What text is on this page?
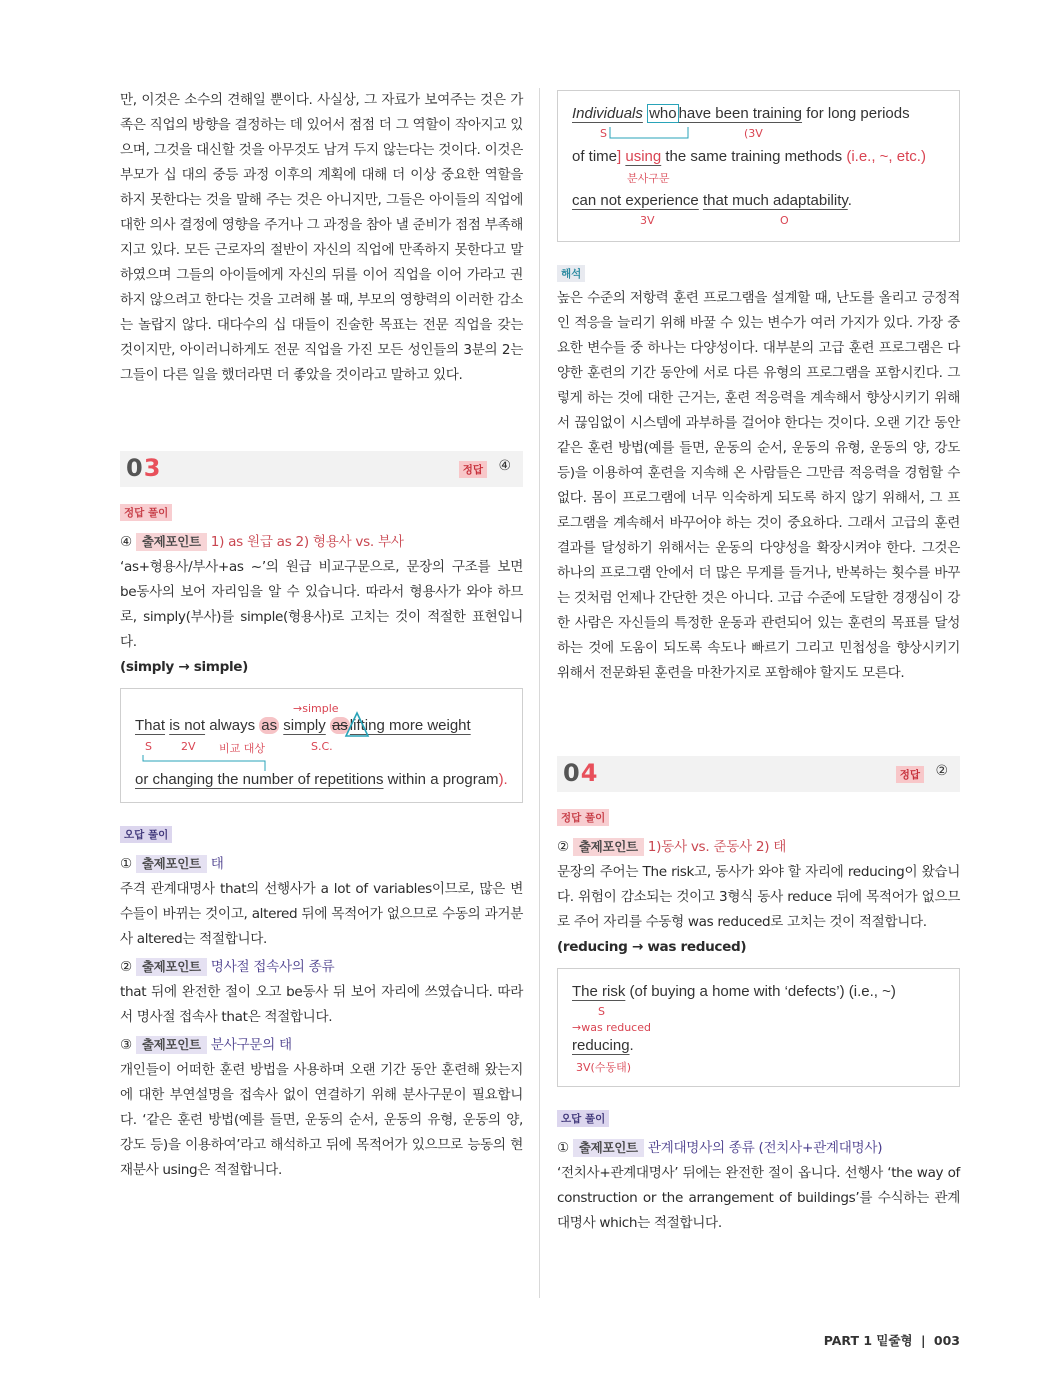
만, 이것은 소수의 견해일 뿐이다. 사실상, 그 자료가 보여주는 것은 가족은 직업의 방향을 결정하는 데 있어서 점점 더 그 역할이 작아지고 있으며, 그것을 대신할 것을 아무것도 남겨 두지 않는다는 것이다. 이것은 부모가 십 대의 중등 과정 이후의 계획에 대해 더 이상 중요한 역할을 하지 못한다는 것을 말해 주는 것은 아니지만, 그들은 아이들의 직업에 대한 의사 결정에 영향을 주거나 그 과정을 참아 낼 준비가 점점 부족해지고 있다. 모든 근로자의 절반이 자신의 직업에 만족하지 못한다고 말하였으며 그들의 아이들에게 자신의 뒤를 이어 직업을 이어 가라고 권하지 않으려고 한다는 것을 고려해 볼 때, 부모의 영향력의 이러한 감소는 놀랍지 않다. 대다수의 십 대들이 진술한 목표는 전문 직업을 갖는 것이지만, 아이러니하게도 전문 직업을 가진 모든 성인들의 3분의 2는 그들이 다른 일을 했더라면 더 좋았을 것이라고 말하고 있다.

03	정답 ④
정답 풀이

④ 출제포인트 1) as 원급 as 2) 형용사 vs. 부사

‘as+형용사/부사+as ~’의 원급 비교구문으로, 문장의 구조를 보면 be동사의 보어 자리임을 알 수 있습니다. 따라서 형용사가 와야 하므로, simply(부사)를 simple(형용사)로 고치는 것이 적절한 표현입니다.

(simply → simple)

→simple
That is not always as simply as lifting more weight
S	2V 비교 대상	S.C.
or changing the number of repetitions within a program).
오답 풀이

① 출제포인트 태

주격 관계대명사 that의 선행사가 a lot of variables이므로, 많은 변수들이 바뀌는 것이고, altered 뒤에 목적어가 없으므로 수동의 과거분사 altered는 적절합니다.

② 출제포인트 명사절 접속사의 종류

that 뒤에 완전한 절이 오고 be동사 뒤 보어 자리에 쓰였습니다. 따라서 명사절 접속사 that은 적절합니다.

③ 출제포인트 분사구문의 태

개인들이 어떠한 훈련 방법을 사용하며 오랜 기간 동안 훈련해 왔는지에 대한 부연설명을 접속사 없이 연결하기 위해 분사구문이 필요합니다. ‘같은 훈련 방법(예를 들면, 운동의 순서, 운동의 유형, 운동의 양, 강도 등)을 이용하여’라고 해석하고 뒤에 목적어가 있으므로 능동의 현재분사 using은 적절합니다.

Individuals who have been training for long periods
S	(3V
of time] using the same training methods (i.e., ~, etc.)
분사구문
can not experience that much adaptability.
3V	O
해석

높은 수준의 저항력 훈련 프로그램을 설계할 때, 난도를 올리고 긍정적인 적응을 늘리기 위해 바꿀 수 있는 변수가 여러 가지가 있다. 가장 중요한 변수들 중 하나는 다양성이다. 대부분의 고급 훈련 프로그램은 다양한 훈련의 기간 동안에 서로 다른 유형의 프로그램을 포함시킨다. 그렇게 하는 것에 대한 근거는, 훈련 적응력을 계속해서 향상시키기 위해서 끊임없이 시스템에 과부하를 걸어야 한다는 것이다. 오랜 기간 동안 같은 훈련 방법(예를 들면, 운동의 순서, 운동의 유형, 운동의 양, 강도 등)을 이용하여 훈련을 지속해 온 사람들은 그만큼 적응력을 경험할 수 없다. 몸이 프로그램에 너무 익숙하게 되도록 하지 않기 위해서, 그 프로그램을 계속해서 바꾸어야 하는 것이 중요하다. 그래서 고급의 훈련 결과를 달성하기 위해서는 운동의 다양성을 확장시켜야 한다. 그것은 하나의 프로그램 안에서 더 많은 무게를 들거나, 반복하는 횟수를 바꾸는 것처럼 언제나 간단한 것은 아니다. 고급 수준에 도달한 경쟁심이 강한 사람은 자신들의 특정한 운동과 관련되어 있는 훈련의 목표를 달성하는 것에 도움이 되도록 속도나 빠르기 그리고 민첩성을 향상시키기 위해서 전문화된 훈련을 마찬가지로 포함해야 할지도 모른다.

04	정답 ②
정답 풀이

② 출제포인트 1)동사 vs. 준동사 2) 태

문장의 주어는 The risk고, 동사가 와야 할 자리에 reducing이 왔습니다. 위험이 감소되는 것이고 3형식 동사 reduce 뒤에 목적어가 없으므로 주어 자리를 수동형 was reduced로 고치는 것이 적절합니다.

(reducing → was reduced)

The risk (of buying a home with ‘defects’) (i.e., ~)
S
→was reduced
reducing.
3V(수동태)
오답 풀이

① 출제포인트 관계대명사의 종류 (전치사+관계대명사)

‘전치사+관계대명사’ 뒤에는 완전한 절이 옵니다. 선행사 ‘the way of construction or the arrangement of buildings’를 수식하는 관계대명사 which는 적절합니다.

PART 1 밑줄형 | 003
